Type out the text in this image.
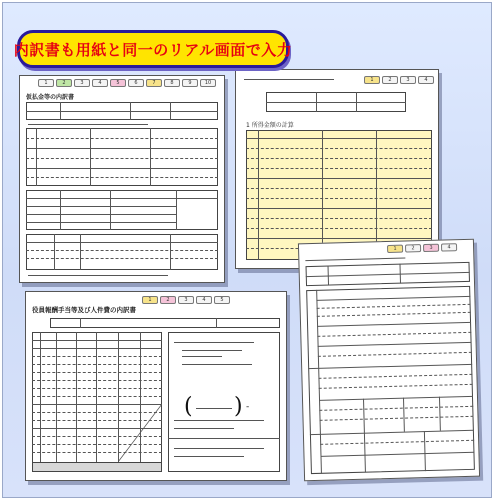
1	2	3	4	5	6	7	8	9	10
仮払金等の内訳書
1	2	3	4
1 所得金額の計算
1	2	3	4	5
役員報酬手当等及び人件費の内訳書
( ) -
1	2	3	4
内訳書も用紙と同一のリアル画面で入力
